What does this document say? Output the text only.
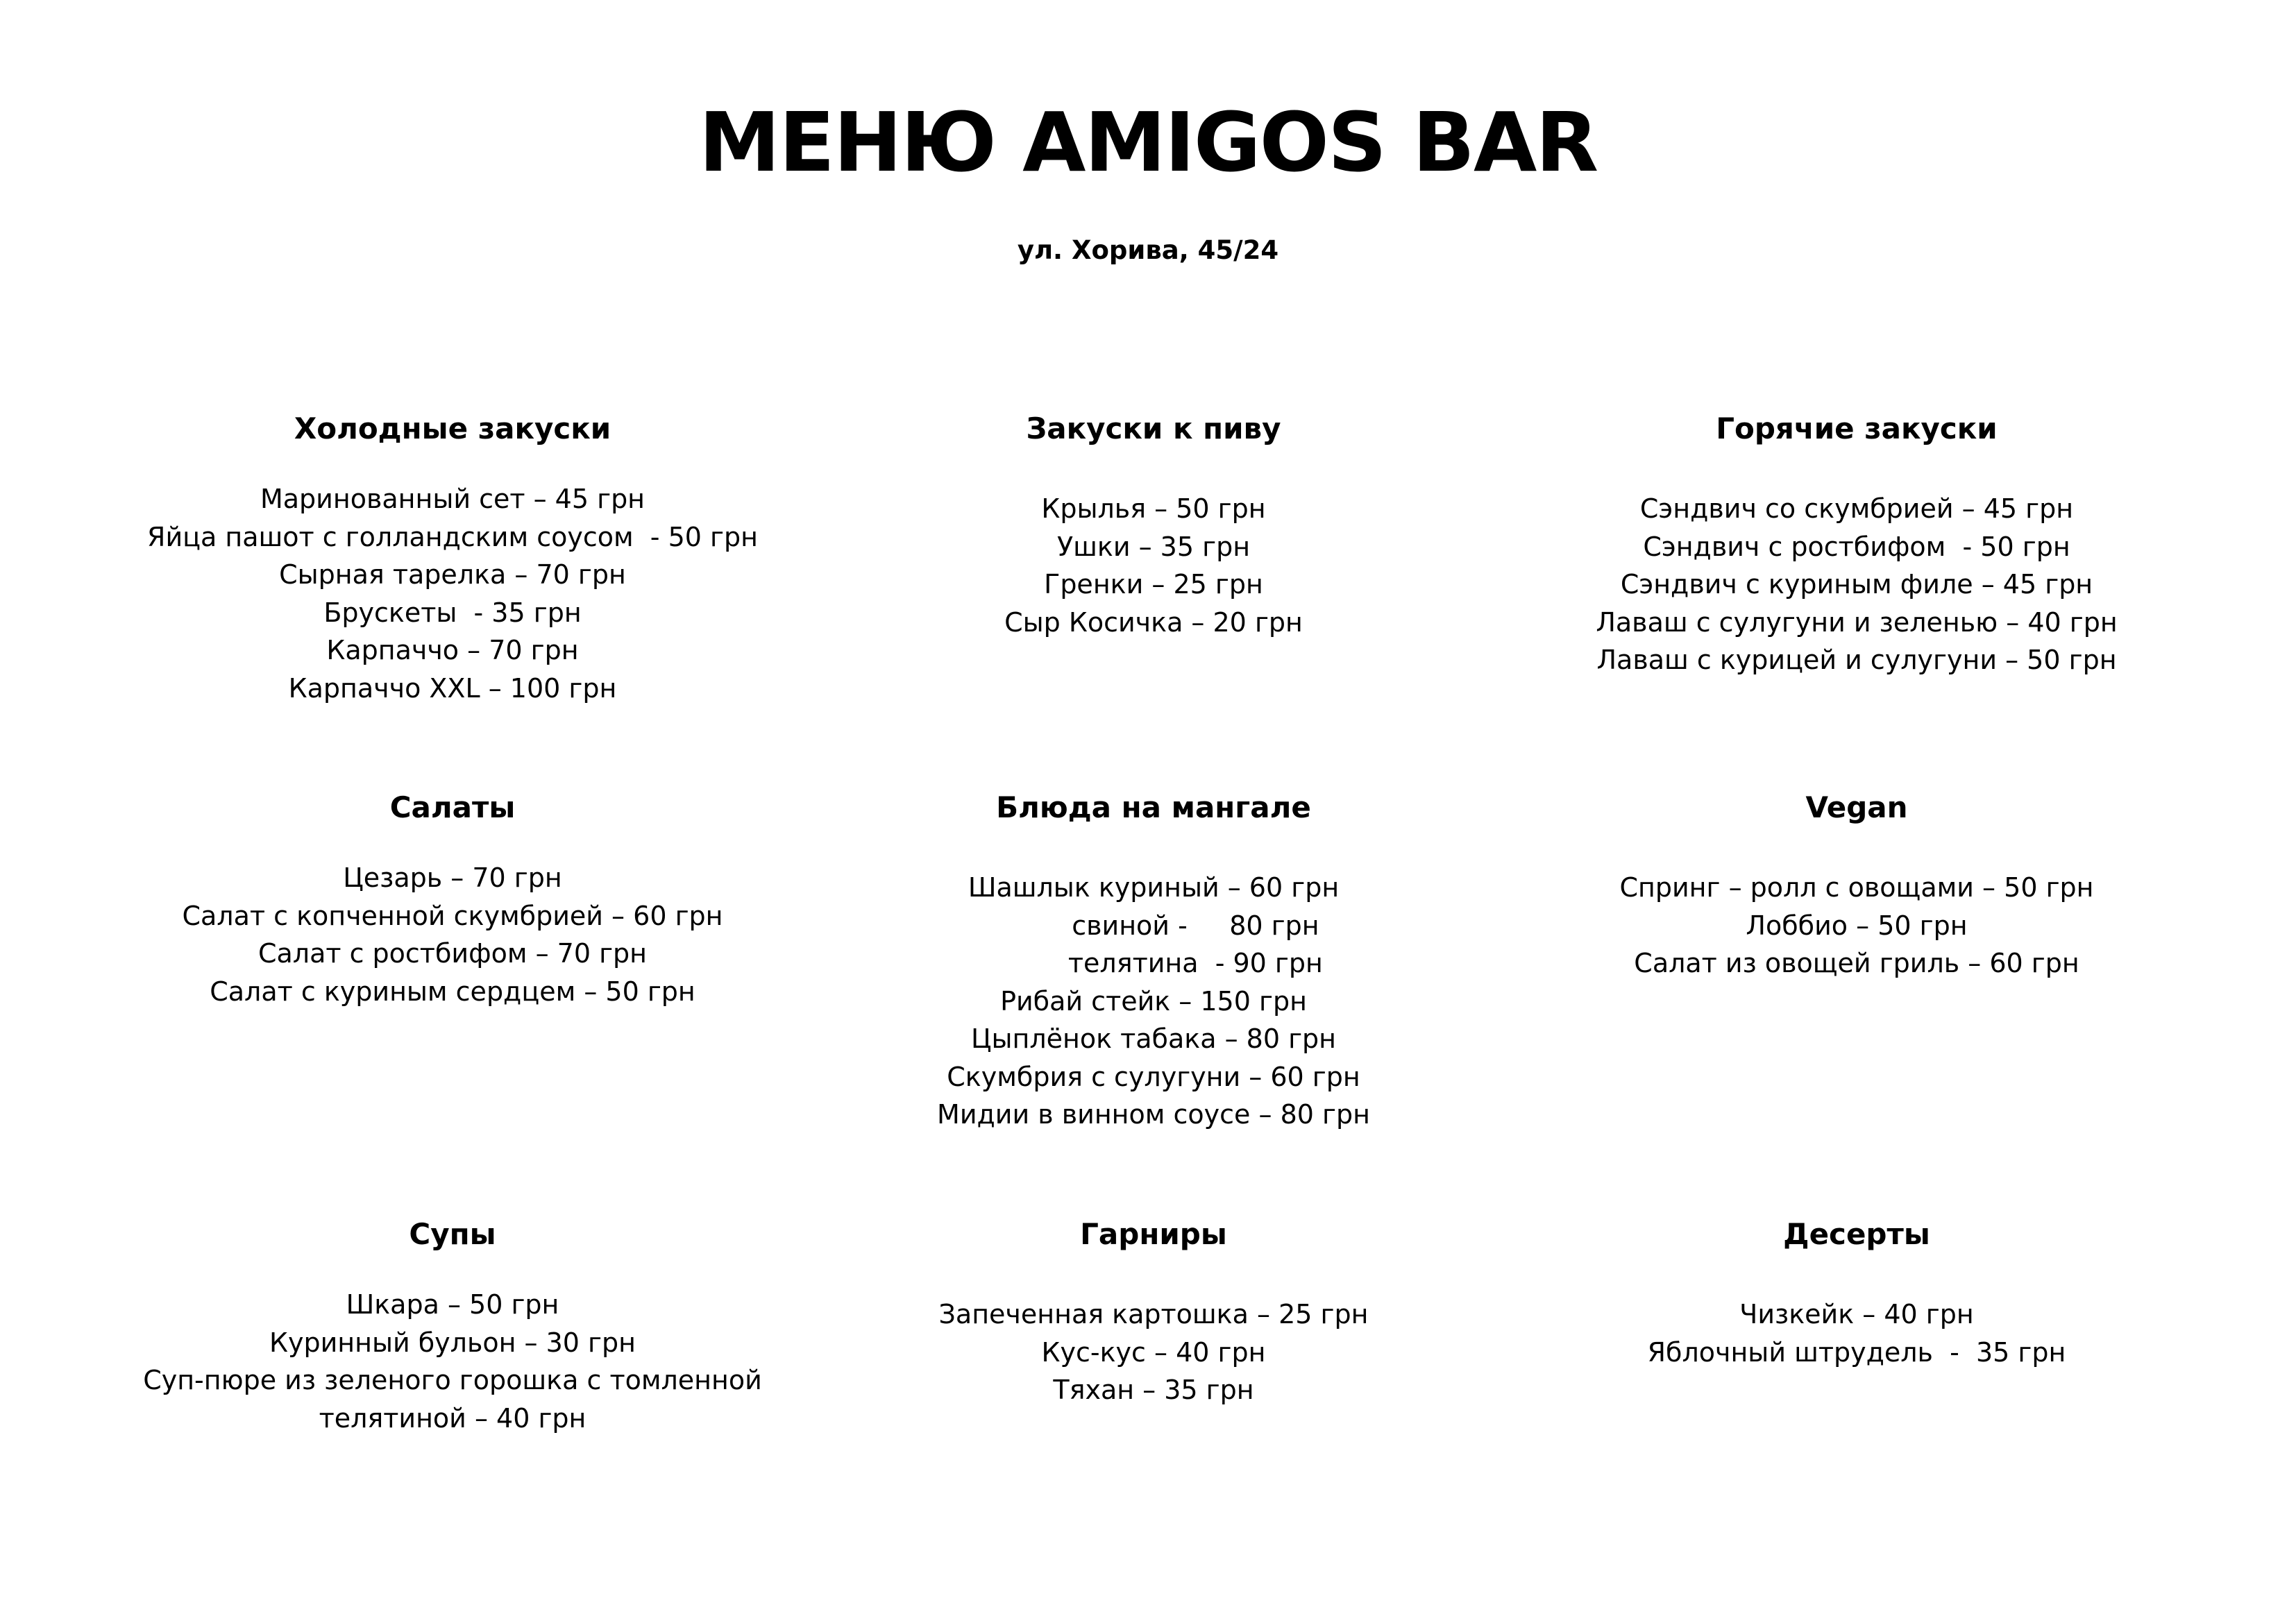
МЕНЮ AMIGOS BAR
ул. Хорива, 45/24
Холодные закуски
Маринованный сет – 45 грн
Яйца пашот с голландским соусом  - 50 грн
Сырная тарелка – 70 грн
Брускеты  - 35 грн
Карпаччо – 70 грн
Карпаччо XXL – 100 грн
Закуски к пиву
Крылья – 50 грн
Ушки – 35 грн
Гренки – 25 грн
Сыр Косичка – 20 грн
Горячие закуски
Сэндвич со скумбрией – 45 грн
Сэндвич с ростбифом  - 50 грн
Сэндвич с куриным филе – 45 грн
Лаваш с сулугуни и зеленью – 40 грн
Лаваш с курицей и сулугуни – 50 грн
Салаты
Цезарь – 70 грн
Салат с копченной скумбрией – 60 грн
Салат с ростбифом – 70 грн
Салат с куриным сердцем – 50 грн
Блюда на мангале
Шашлык куриный – 60 грн
свиной -     80 грн
телятина  - 90 грн
Рибай стейк – 150 грн
Цыплёнок табака – 80 грн
Скумбрия с сулугуни – 60 грн
Мидии в винном соусе – 80 грн
Vegan
Спринг – ролл с овощами – 50 грн
Лоббио – 50 грн
Салат из овощей гриль – 60 грн
Супы
Шкара – 50 грн
Куринный бульон – 30 грн
Суп-пюре из зеленого горошка с томленной
телятиной – 40 грн
Гарниры
Запеченная картошка – 25 грн
Кус-кус – 40 грн
Тяхан – 35 грн
Десерты
Чизкейк – 40 грн
Яблочный штрудель  -  35 грн
